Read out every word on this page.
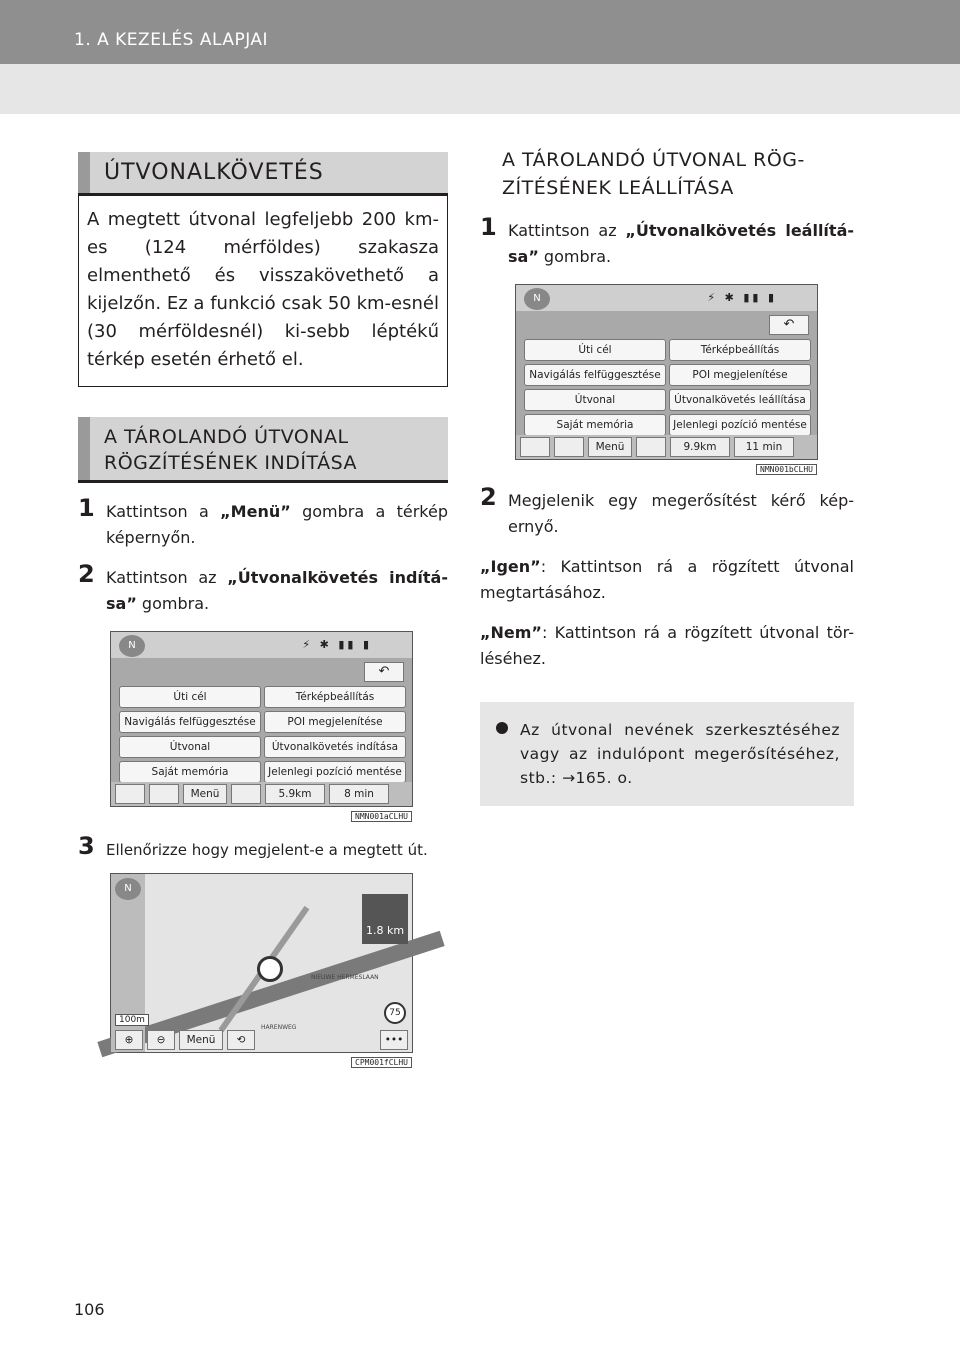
1. A KEZELÉS ALAPJAI
ÚTVONALKÖVETÉS
A megtett útvonal legfeljebb 200 km-es (124 mérföldes) szakasza elmenthető és visszakövethető a kijelzőn. Ez a funkció csak 50 km-esnél (30 mérföldesnél) ki-sebb léptékű térkép esetén érhető el.
A TÁROLANDÓ ÚTVONAL RÖGZÍTÉSÉNEK INDÍTÁSA
1 Kattintson a „Menü” gombra a térkép képernyőn.
2 Kattintson az „Útvonalkövetés indítá-sa” gombra.
N	⚡ ✱ ▮▮ ▮
↶
Úti cél	Térképbeállítás
Navigálás felfüggesztése	POI megjelenítése
Útvonal	Útvonalkövetés indítása
Saját memória	Jelenlegi pozíció mentése
Menü	5.9km	8 min
NMN001aCLHU
3 Ellenőrizze hogy megjelent-e a megtett út.
N
1.8 km
NIEUWE HERMESLAAN
HARENWEG
100m
75
⊕	⊖	Menü	⟲	•••
CPM001fCLHU
A TÁROLANDÓ ÚTVONAL RÖG-ZÍTÉSÉNEK LEÁLLÍTÁSA
1 Kattintson az „Útvonalkövetés leállítá-sa” gombra.
N	⚡ ✱ ▮▮ ▮
↶
Úti cél	Térképbeállítás
Navigálás felfüggesztése	POI megjelenítése
Útvonal	Útvonalkövetés leállítása
Saját memória	Jelenlegi pozíció mentése
Menü	9.9km	11 min
NMN001bCLHU
2 Megjelenik egy megerősítést kérő kép-ernyő.
„Igen”: Kattintson rá a rögzített útvonal megtartásához.
„Nem”: Kattintson rá a rögzített útvonal tör-léséhez.
Az útvonal nevének szerkesztéséhez vagy az indulópont megerősítéséhez, stb.: →165. o.
106
